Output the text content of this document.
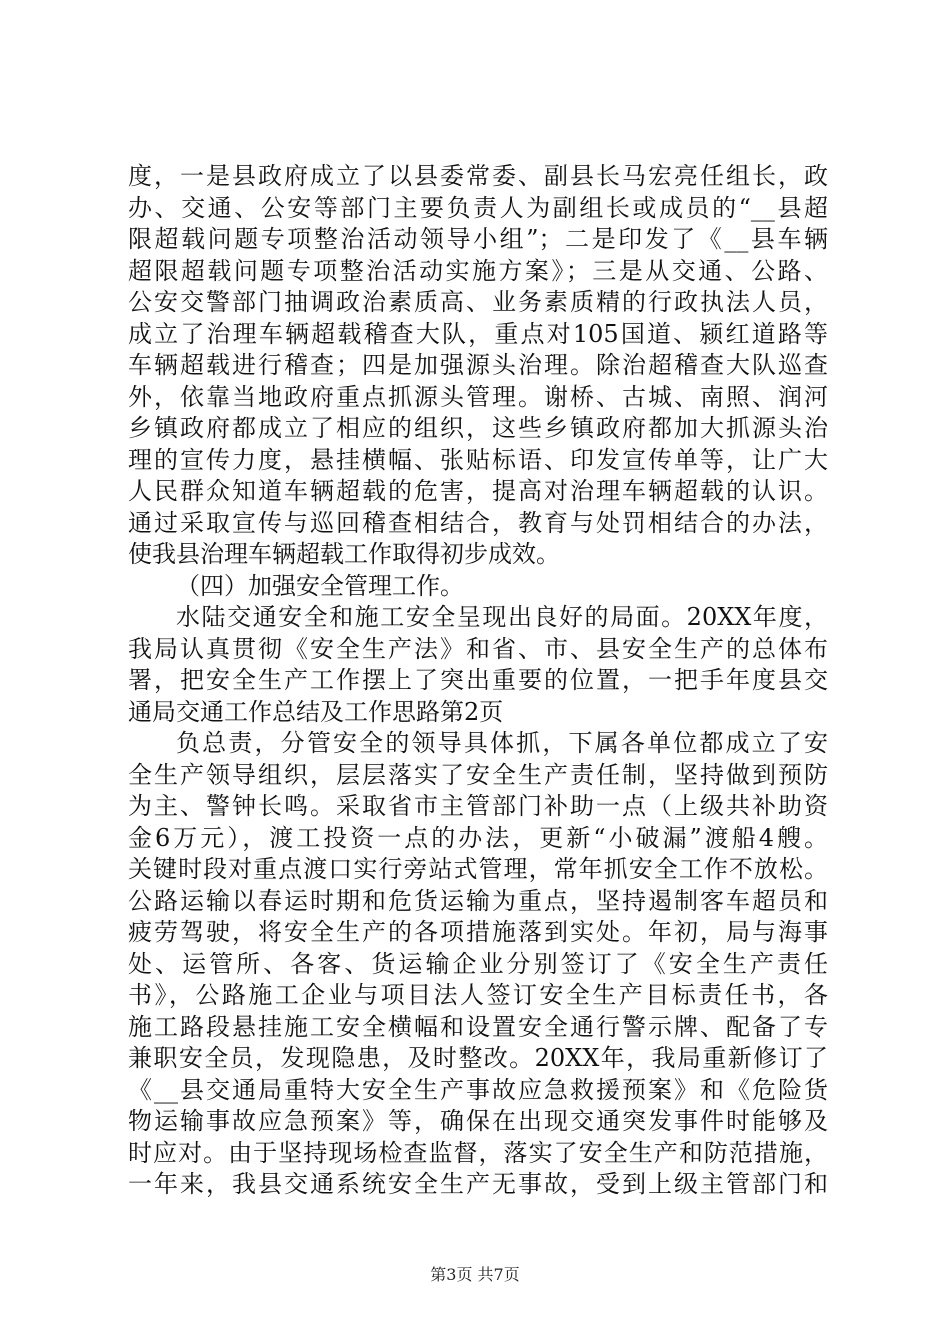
度，一是县政府成立了以县委常委、副县长马宏亮任组长，政
办、交通、公安等部门主要负责人为副组长或成员的“__县超
限超载问题专项整治活动领导小组”；二是印发了《__县车辆
超限超载问题专项整治活动实施方案》；三是从交通、公路、
公安交警部门抽调政治素质高、业务素质精的行政执法人员，
成立了治理车辆超载稽查大队，重点对105国道、颍红道路等
车辆超载进行稽查；四是加强源头治理。除治超稽查大队巡查
外，依靠当地政府重点抓源头管理。谢桥、古城、南照、润河
乡镇政府都成立了相应的组织，这些乡镇政府都加大抓源头治
理的宣传力度，悬挂横幅、张贴标语、印发宣传单等，让广大
人民群众知道车辆超载的危害，提高对治理车辆超载的认识。
通过采取宣传与巡回稽查相结合，教育与处罚相结合的办法，
使我县治理车辆超载工作取得初步成效。
（四）加强安全管理工作。
水陆交通安全和施工安全呈现出良好的局面。20XX年度，
我局认真贯彻《安全生产法》和省、市、县安全生产的总体布
署，把安全生产工作摆上了突出重要的位置，一把手年度县交
通局交通工作总结及工作思路第2页
负总责，分管安全的领导具体抓，下属各单位都成立了安
全生产领导组织，层层落实了安全生产责任制，坚持做到预防
为主、警钟长鸣。采取省市主管部门补助一点（上级共补助资
金6万元），渡工投资一点的办法，更新“小破漏”渡船4艘。
关键时段对重点渡口实行旁站式管理，常年抓安全工作不放松。
公路运输以春运时期和危货运输为重点，坚持遏制客车超员和
疲劳驾驶，将安全生产的各项措施落到实处。年初，局与海事
处、运管所、各客、货运输企业分别签订了《安全生产责任
书》，公路施工企业与项目法人签订安全生产目标责任书，各
施工路段悬挂施工安全横幅和设置安全通行警示牌、配备了专
兼职安全员，发现隐患，及时整改。20XX年，我局重新修订了
《__县交通局重特大安全生产事故应急救援预案》和《危险货
物运输事故应急预案》等，确保在出现交通突发事件时能够及
时应对。由于坚持现场检查监督，落实了安全生产和防范措施，
一年来，我县交通系统安全生产无事故，受到上级主管部门和
第3页 共7页
